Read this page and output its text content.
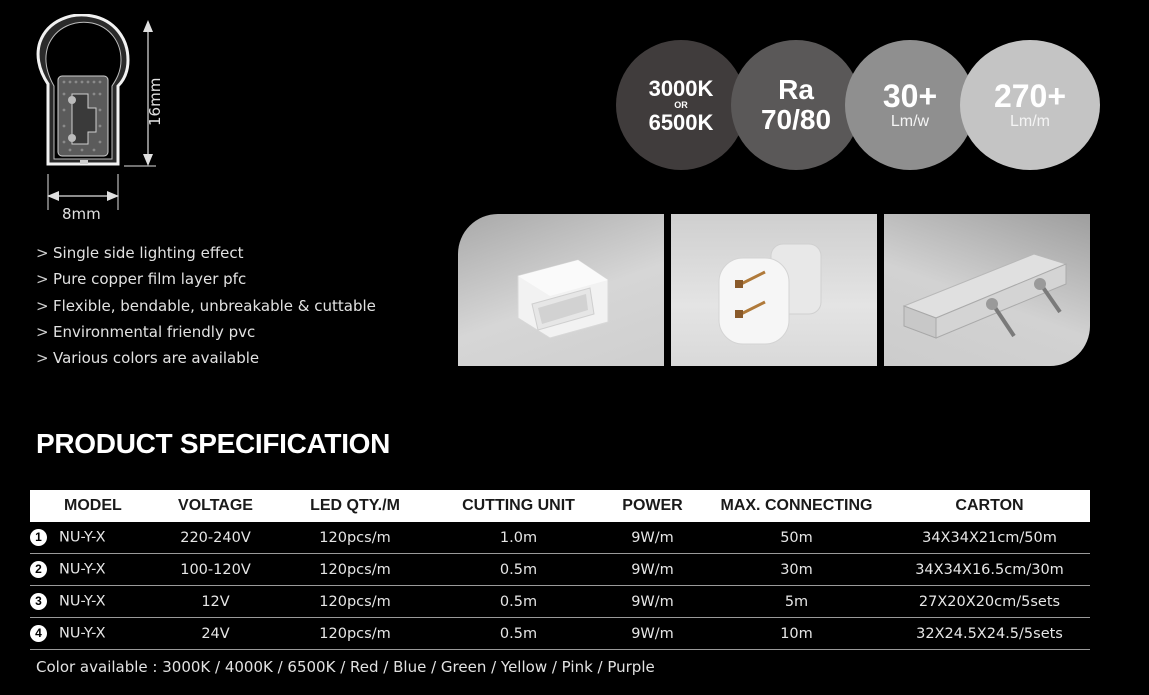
16mm
8mm
> Single side lighting effect
> Pure copper film layer pfc
> Flexible, bendable, unbreakable & cuttable
> Environmental friendly pvc
> Various colors are available
3000K
OR
6500K
Ra
70/80
30+
Lm/w
270+
Lm/m
PRODUCT SPECIFICATION
MODEL	VOLTAGE	LED QTY./M	CUTTING UNIT	POWER	MAX. CONNECTING	CARTON
1 NU-Y-X	220-240V	120pcs/m	1.0m	9W/m	50m	34X34X21cm/50m
2 NU-Y-X	100-120V	120pcs/m	0.5m	9W/m	30m	34X34X16.5cm/30m
3 NU-Y-X	12V	120pcs/m	0.5m	9W/m	5m	27X20X20cm/5sets
4 NU-Y-X	24V	120pcs/m	0.5m	9W/m	10m	32X24.5X24.5/5sets
Color available : 3000K / 4000K / 6500K / Red / Blue / Green / Yellow / Pink / Purple
